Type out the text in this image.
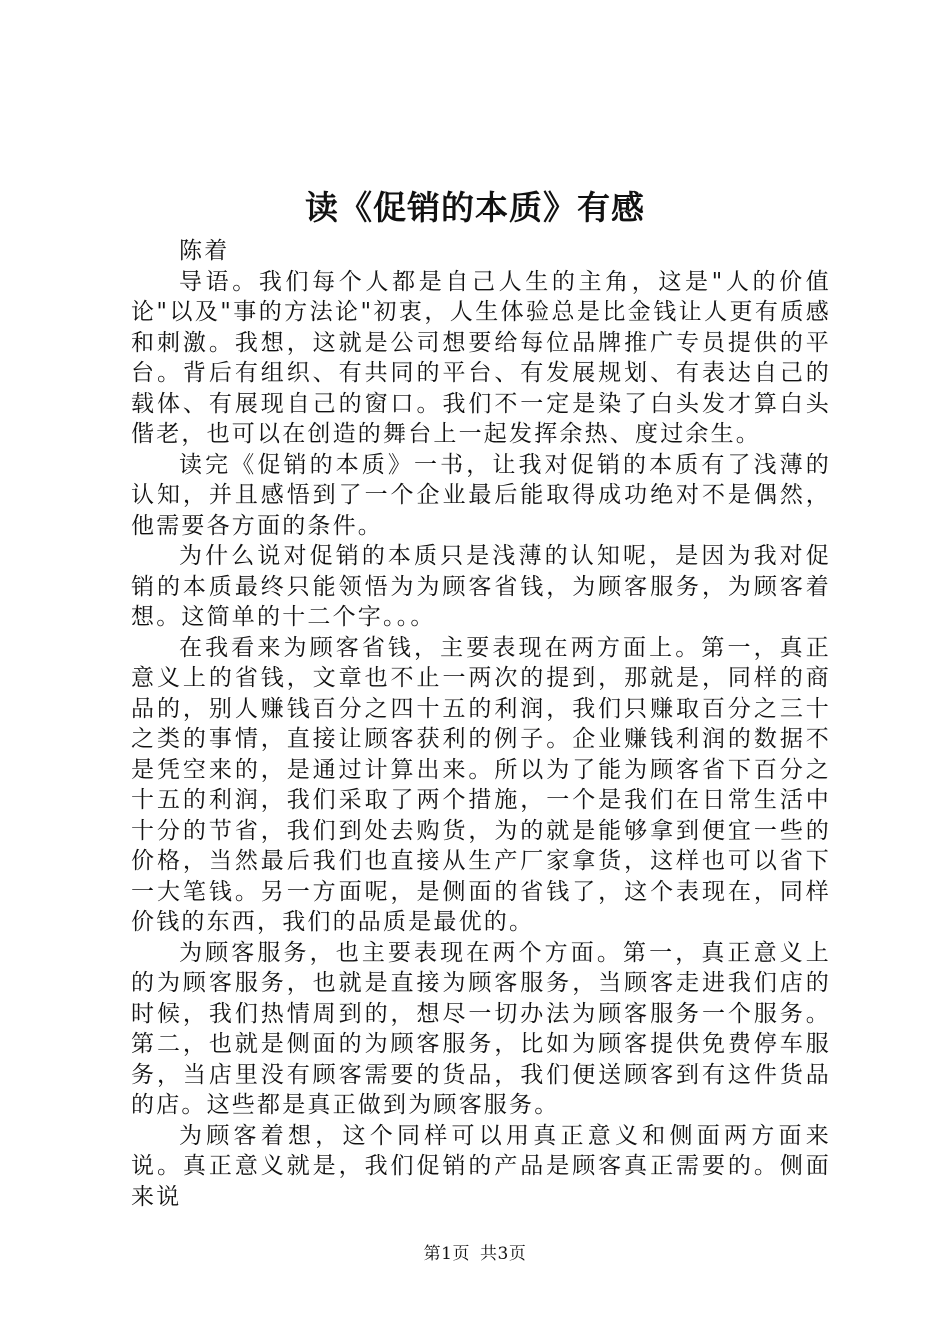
读《促销的本质》有感

陈着

导语。我们每个人都是自己人生的主角，这是"人的价值论"以及"事的方法论"初衷，人生体验总是比金钱让人更有质感和刺激。我想，这就是公司想要给每位品牌推广专员提供的平台。背后有组织、有共同的平台、有发展规划、有表达自己的载体、有展现自己的窗口。我们不一定是染了白头发才算白头偕老，也可以在创造的舞台上一起发挥余热、度过余生。

读完《促销的本质》一书，让我对促销的本质有了浅薄的认知，并且感悟到了一个企业最后能取得成功绝对不是偶然，他需要各方面的条件。

为什么说对促销的本质只是浅薄的认知呢，是因为我对促销的本质最终只能领悟为为顾客省钱，为顾客服务，为顾客着想。这简单的十二个字。。。

在我看来为顾客省钱，主要表现在两方面上。第一，真正意义上的省钱，文章也不止一两次的提到，那就是，同样的商品的，别人赚钱百分之四十五的利润，我们只赚取百分之三十之类的事情，直接让顾客获利的例子。企业赚钱利润的数据不是凭空来的，是通过计算出来。所以为了能为顾客省下百分之十五的利润，我们采取了两个措施，一个是我们在日常生活中十分的节省，我们到处去购货，为的就是能够拿到便宜一些的价格，当然最后我们也直接从生产厂家拿货，这样也可以省下一大笔钱。另一方面呢，是侧面的省钱了，这个表现在，同样价钱的东西，我们的品质是最优的。

为顾客服务，也主要表现在两个方面。第一，真正意义上的为顾客服务，也就是直接为顾客服务，当顾客走进我们店的时候，我们热情周到的，想尽一切办法为顾客服务一个服务。第二，也就是侧面的为顾客服务，比如为顾客提供免费停车服务，当店里没有顾客需要的货品，我们便送顾客到有这件货品的店。这些都是真正做到为顾客服务。

为顾客着想，这个同样可以用真正意义和侧面两方面来说。真正意义就是，我们促销的产品是顾客真正需要的。侧面来说

第1页 共3页
